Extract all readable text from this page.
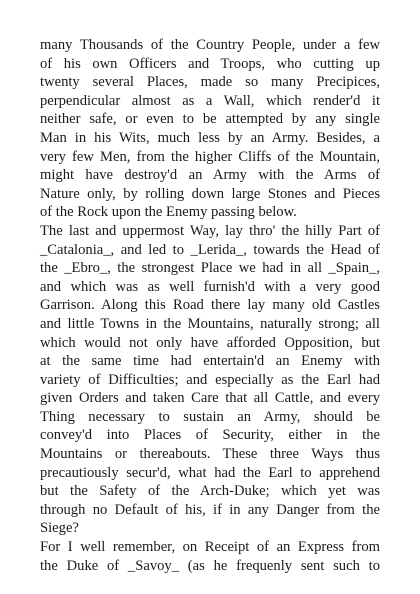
many Thousands of the Country People, under a few
of his own Officers and Troops, who cutting up
twenty several Places, made so many Precipices,
perpendicular almost as a Wall, which render'd it
neither safe, or even to be attempted by any single
Man in his Wits, much less by an Army. Besides, a
very few Men, from the higher Cliffs of the Mountain,
might have destroy'd an Army with the Arms of
Nature only, by rolling down large Stones and Pieces
of the Rock upon the Enemy passing below.
The last and uppermost Way, lay thro' the hilly Part of
_Catalonia_, and led to _Lerida_, towards the Head of
the _Ebro_, the strongest Place we had in all _Spain_,
and which was as well furnish'd with a very good
Garrison. Along this Road there lay many old Castles
and little Towns in the Mountains, naturally strong; all
which would not only have afforded Opposition, but
at the same time had entertain'd an Enemy with
variety of Difficulties; and especially as the Earl had
given Orders and taken Care that all Cattle, and every
Thing necessary to sustain an Army, should be
convey'd into Places of Security, either in the
Mountains or thereabouts. These three Ways thus
precautiously secur'd, what had the Earl to apprehend
but the Safety of the Arch-Duke; which yet was
through no Default of his, if in any Danger from the
Siege?
For I well remember, on Receipt of an Express from
the Duke of _Savoy_ (as he frequenly sent such to
